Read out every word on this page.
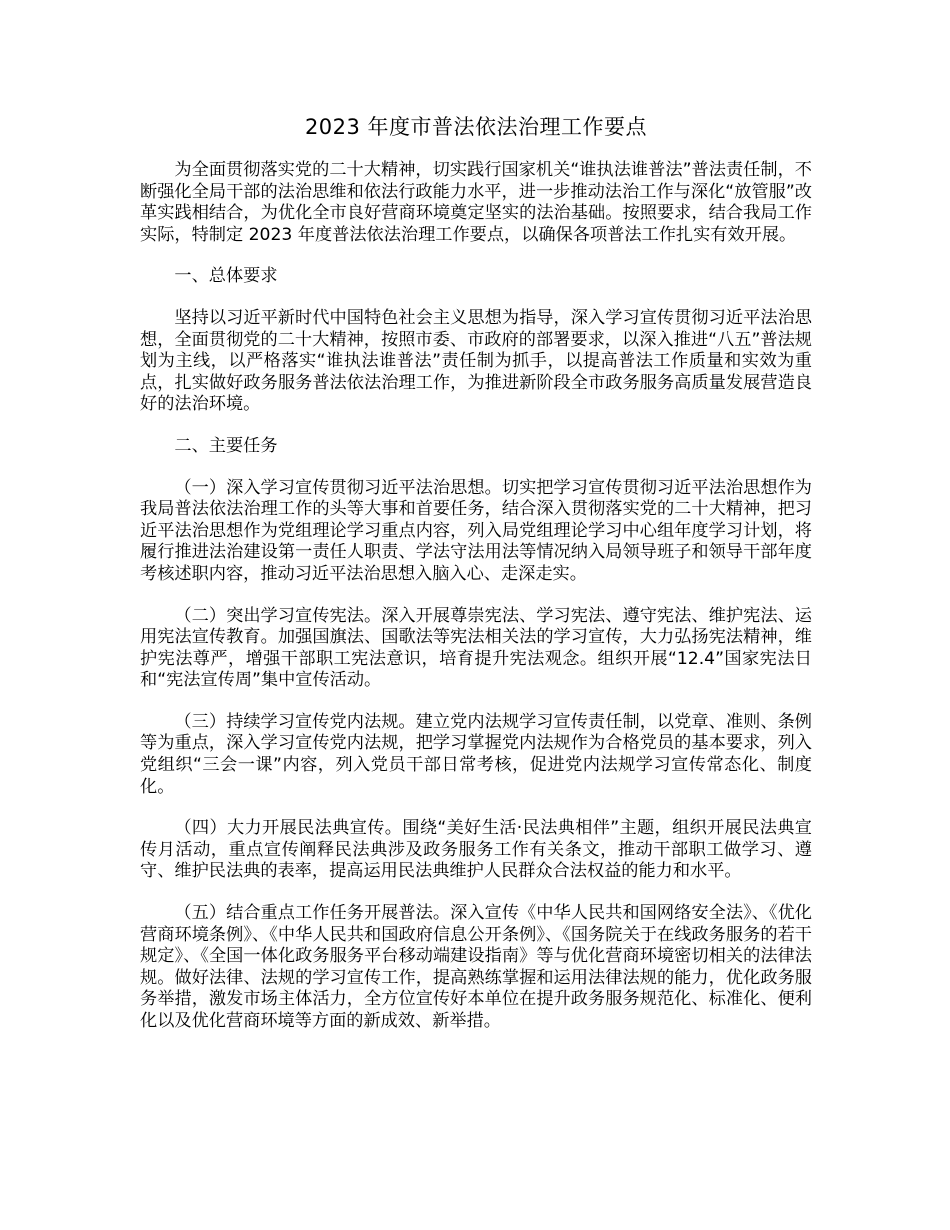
2023 年度市普法依法治理工作要点

为全面贯彻落实党的二十大精神，切实践行国家机关“谁执法谁普法”普法责任制，不断强化全局干部的法治思维和依法行政能力水平，进一步推动法治工作与深化“放管服”改革实践相结合，为优化全市良好营商环境奠定坚实的法治基础。按照要求，结合我局工作实际，特制定 2023 年度普法依法治理工作要点，以确保各项普法工作扎实有效开展。

一、总体要求

坚持以习近平新时代中国特色社会主义思想为指导，深入学习宣传贯彻习近平法治思想，全面贯彻党的二十大精神，按照市委、市政府的部署要求，以深入推进“八五”普法规划为主线，以严格落实“谁执法谁普法”责任制为抓手，以提高普法工作质量和实效为重点，扎实做好政务服务普法依法治理工作，为推进新阶段全市政务服务高质量发展营造良好的法治环境。

二、主要任务

（一）深入学习宣传贯彻习近平法治思想。切实把学习宣传贯彻习近平法治思想作为我局普法依法治理工作的头等大事和首要任务，结合深入贯彻落实党的二十大精神，把习近平法治思想作为党组理论学习重点内容，列入局党组理论学习中心组年度学习计划，将履行推进法治建设第一责任人职责、学法守法用法等情况纳入局领导班子和领导干部年度考核述职内容，推动习近平法治思想入脑入心、走深走实。

（二）突出学习宣传宪法。深入开展尊崇宪法、学习宪法、遵守宪法、维护宪法、运用宪法宣传教育。加强国旗法、国歌法等宪法相关法的学习宣传，大力弘扬宪法精神，维护宪法尊严，增强干部职工宪法意识，培育提升宪法观念。组织开展“12.4”国家宪法日和“宪法宣传周”集中宣传活动。

（三）持续学习宣传党内法规。建立党内法规学习宣传责任制，以党章、准则、条例等为重点，深入学习宣传党内法规，把学习掌握党内法规作为合格党员的基本要求，列入党组织“三会一课”内容，列入党员干部日常考核，促进党内法规学习宣传常态化、制度化。

（四）大力开展民法典宣传。围绕“美好生活·民法典相伴”主题，组织开展民法典宣传月活动，重点宣传阐释民法典涉及政务服务工作有关条文，推动干部职工做学习、遵守、维护民法典的表率，提高运用民法典维护人民群众合法权益的能力和水平。

（五）结合重点工作任务开展普法。深入宣传《中华人民共和国网络安全法》、《优化营商环境条例》、《中华人民共和国政府信息公开条例》、《国务院关于在线政务服务的若干规定》、《全国一体化政务服务平台移动端建设指南》等与优化营商环境密切相关的法律法规。做好法律、法规的学习宣传工作，提高熟练掌握和运用法律法规的能力，优化政务服务举措，激发市场主体活力，全方位宣传好本单位在提升政务服务规范化、标准化、便利化以及优化营商环境等方面的新成效、新举措。
